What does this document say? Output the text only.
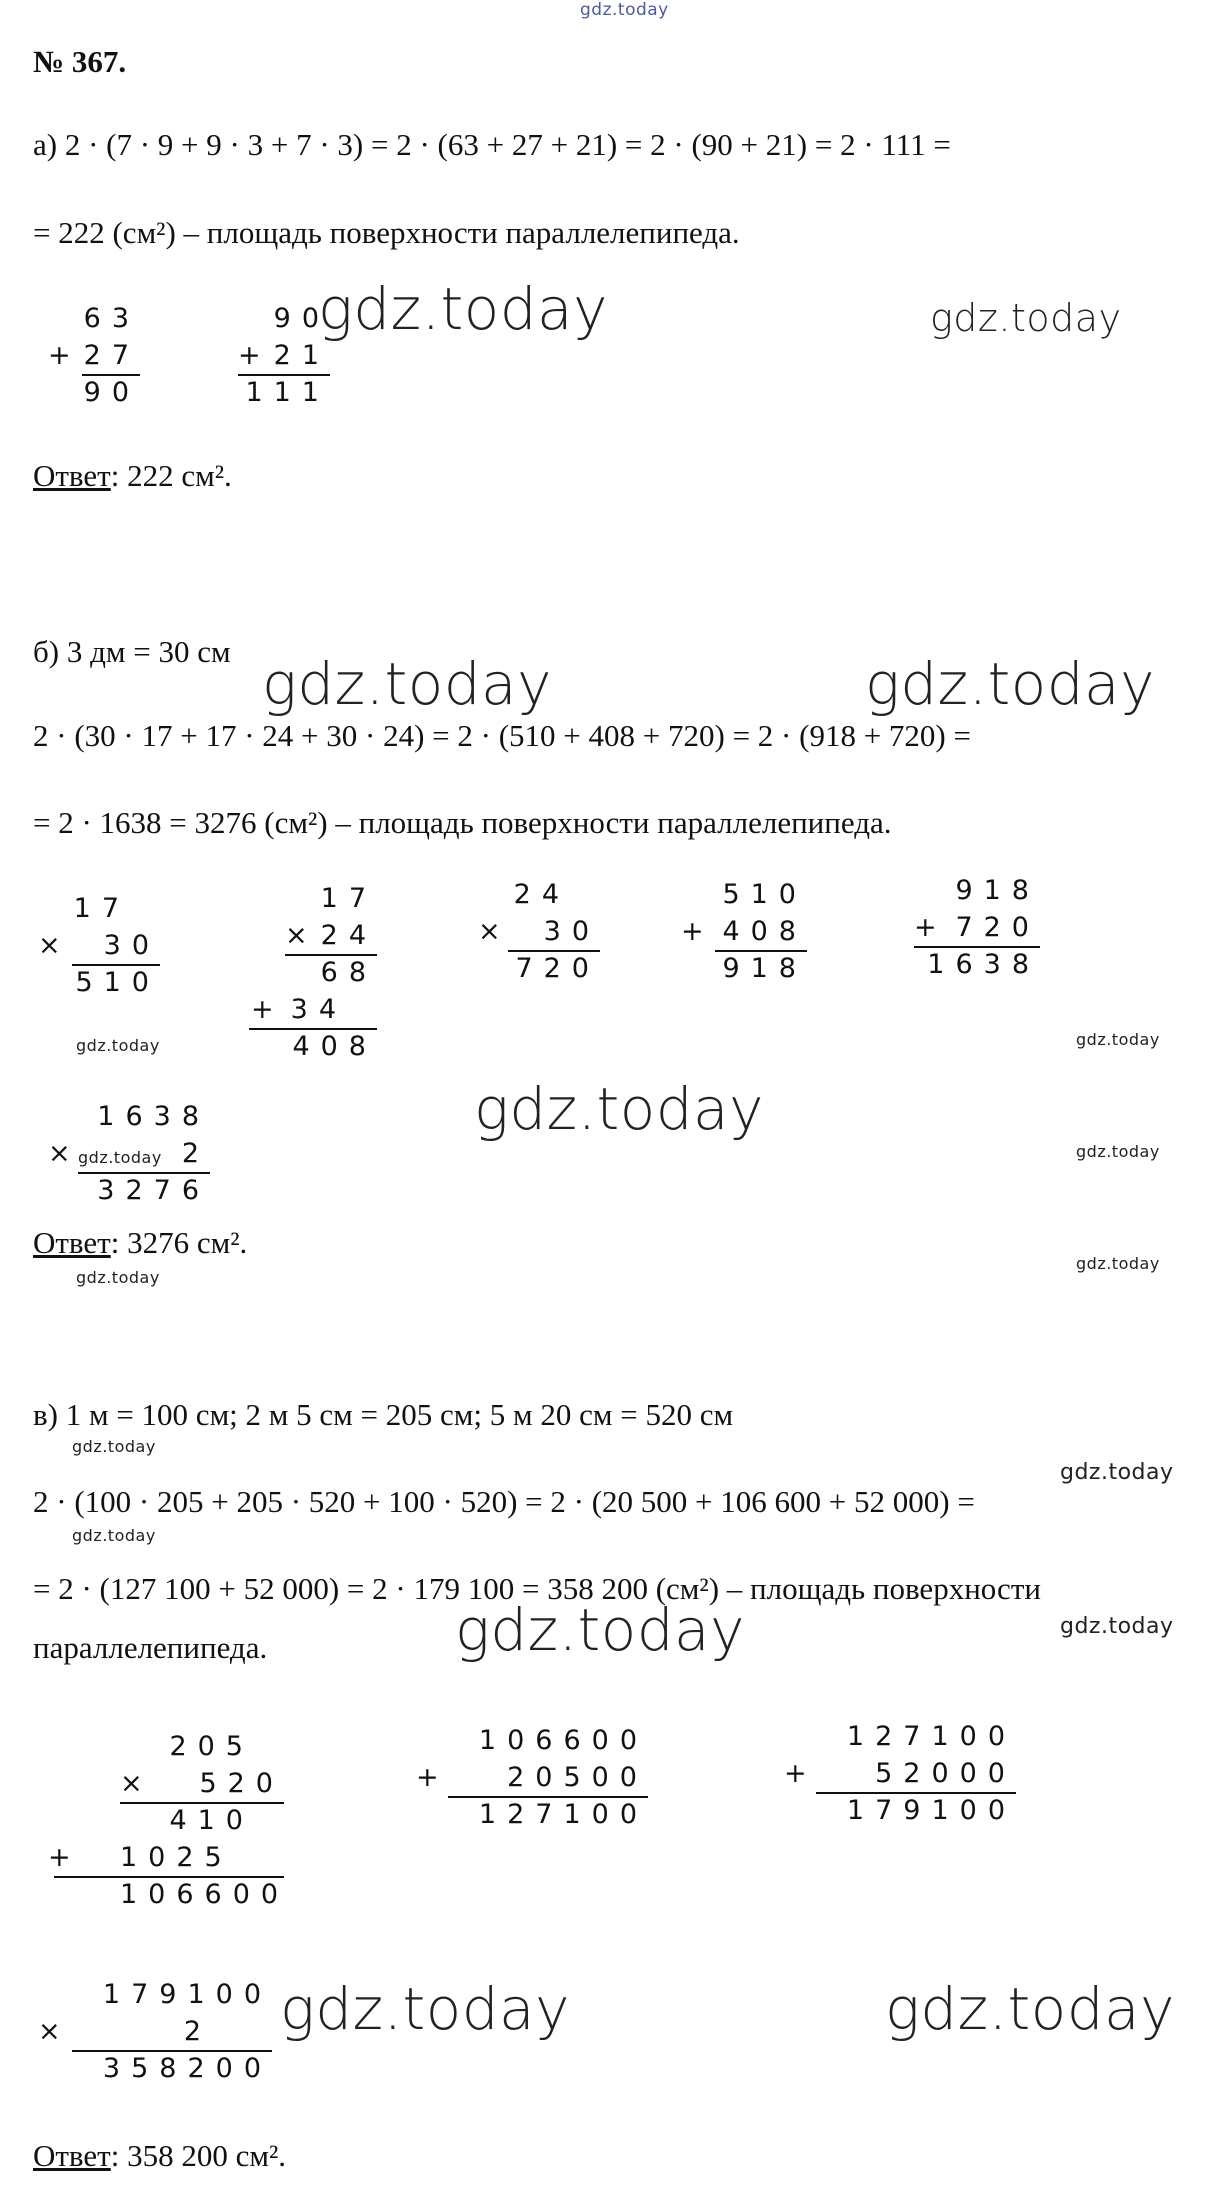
gdz.today
№ 367.
а) 2 · (7 · 9 + 9 · 3 + 7 · 3) = 2 · (63 + 27 + 21) = 2 · (90 + 21) = 2 · 111 =
= 222 (см²) – площадь поверхности параллелепипеда.
63
+ 27
90
90
+ 21
111
gdz.today	gdz.today
Ответ: 222 см².
б) 3 дм = 30 см gdz.today	gdz.today
2 · (30 · 17 + 17 · 24 + 30 · 24) = 2 · (510 + 408 + 720) = 2 · (918 + 720) =
= 2 · 1638 = 3276 (см²) – площадь поверхности параллелепипеда.
17
× 30
510
17
× 24
68
+ 34
408
24
× 30
720
510
+ 408
918
918
+ 720
1638
gdz.today	gdz.today
1638
×	2
3276
gdz.today
gdz.today
gdz.today
Ответ: 3276 см².
gdz.today
gdz.today
в) 1 м = 100 см; 2 м 5 см = 205 см; 5 м 20 см = 520 см
gdz.today
gdz.today
2 · (100 · 205 + 205 · 520 + 100 · 520) = 2 · (20 500 + 106 600 + 52 000) =
gdz.today
= 2 · (127 100 + 52 000) = 2 · 179 100 = 358 200 (см²) – площадь поверхности
gdz.today
gdz.today
параллелепипеда.
205
× 520
410
+ 1025
106600
106600
+ 20500
127100
127100
+ 52000
179100
179100
×	2
358200
gdz.today	gdz.today
Ответ: 358 200 см².
